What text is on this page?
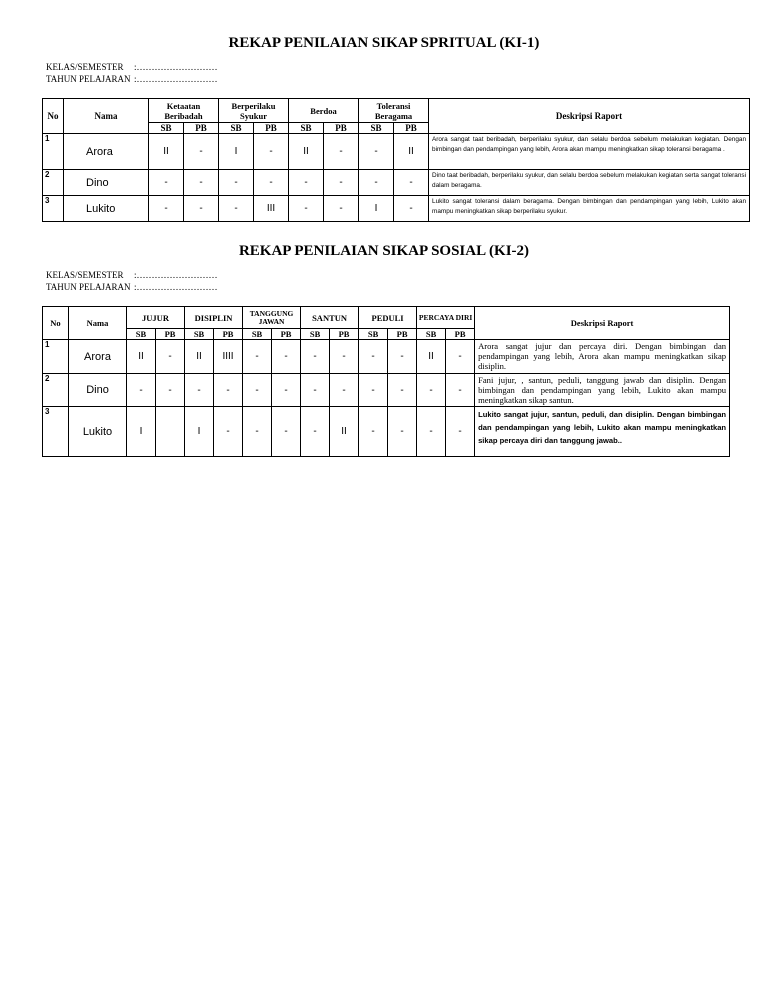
REKAP PENILAIAN SIKAP SPRITUAL (KI-1)
KELAS/SEMESTER :………………………
TAHUN PELAJARAN :………………………
No	Nama	Ketaatan Beribadah		Berperilaku Syukur		Berdoa		Toleransi Beragama		Deskripsi Raport
		SB	PB	SB	PB	SB	PB	SB	PB	
1	Arora	II	-	I	-	II	-	-	II	Arora sangat taat beribadah, berperilaku syukur, dan selalu berdoa sebelum melakukan kegiatan. Dengan bimbingan dan pendampingan yang lebih, Arora akan mampu meningkatkan sikap toleransi beragama .
2	Dino	-	-	-	-	-	-	-	-	Dino taat beribadah, berperilaku syukur, dan selalu berdoa sebelum melakukan kegiatan serta sangat toleransi dalam beragama.
3	Lukito	-	-	-	III	-	-	I	-	Lukito sangat toleransi dalam beragama. Dengan bimbingan dan pendampingan yang lebih, Lukito akan mampu meningkatkan sikap berperilaku syukur.
REKAP PENILAIAN SIKAP SOSIAL (KI-2)
KELAS/SEMESTER :………………………
TAHUN PELAJARAN :………………………
No	Nama	JUJUR		DISIPLIN		TANGGUNG JAWAN		SANTUN		PEDULI		PERCAYA DIRI		Deskripsi Raport
		SB	PB	SB	PB	SB	PB	SB	PB	SB	PB	SB	PB	
1	Arora	II	-	II	IIII	-	-	-	-	-	-	II	-	Arora sangat jujur dan percaya diri. Dengan bimbingan dan pendampingan yang lebih, Arora akan mampu meningkatkan sikap disiplin.
2	Dino	-	-	-	-	-	-	-	-	-	-	-	-	Fani jujur, , santun, peduli, tanggung jawab dan disiplin. Dengan bimbingan dan pendampingan yang lebih, Lukito akan mampu meningkatkan sikap santun.
3	Lukito	I		I	-	-	-	-	II	-	-	-	-	Lukito sangat jujur, santun, peduli, dan disiplin. Dengan bimbingan dan pendampingan yang lebih, Lukito akan mampu meningkatkan sikap percaya diri dan tanggung jawab..
